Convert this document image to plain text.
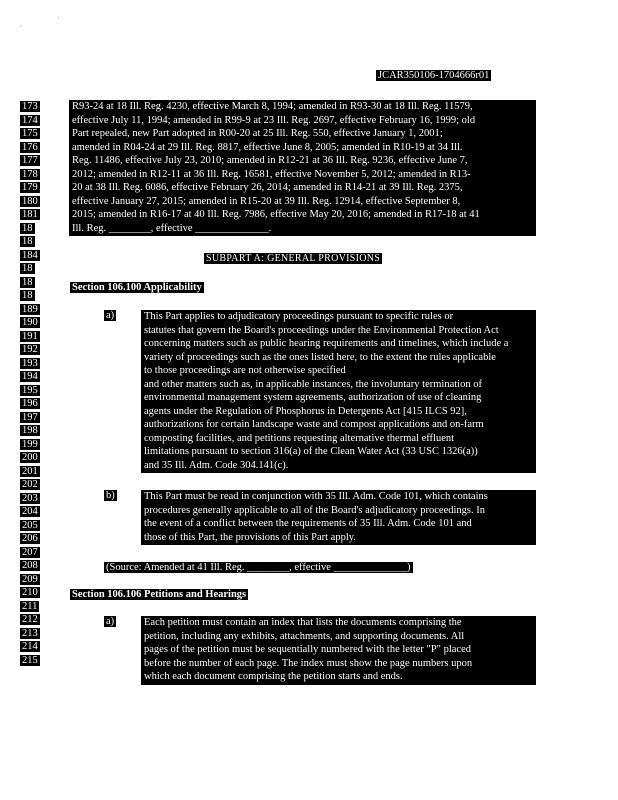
,	'
JCAR350106-1704666r01
173
174
175
176
177
178
179
180
181
18
18
184
18
18
18
189
190
191
192
193
194
195
196
197
198
199
200
201
202
203
204
205
206
207
208
209
210
211
212
213
214
215
R93-24 at 18 Ill. Reg. 4230, effective March 8, 1994; amended in R93-30 at 18 Ill. Reg. 11579,
effective July 11, 1994; amended in R99-9 at 23 Ill. Reg. 2697, effective February 16, 1999; old
Part repealed, new Part adopted in R00-20 at 25 Ill. Reg. 550, effective January 1, 2001;
amended in R04-24 at 29 Ill. Reg. 8817, effective June 8, 2005; amended in R10-19 at 34 Ill.
Reg. 11486, effective July 23, 2010; amended in R12-21 at 36 Ill. Reg. 9236, effective June 7,
2012; amended in R12-11 at 36 Ill. Reg. 16581, effective November 5, 2012; amended in R13-
20 at 38 Ill. Reg. 6086, effective February 26, 2014; amended in R14-21 at 39 Ill. Reg. 2375,
effective January 27, 2015; amended in R15-20 at 39 Ill. Reg. 12914, effective September 8,
2015; amended in R16-17 at 40 Ill. Reg. 7986, effective May 20, 2016; amended in R17-18 at 41
Ill. Reg. ________, effective ______________.
SUBPART A: GENERAL PROVISIONS
Section 106.100 Applicability
a)	This Part applies to adjudicatory proceedings pursuant to specific rules or
statutes that govern the Board's proceedings under the Environmental Protection Act
concerning matters such as public hearing requirements and timelines, which include a
variety of proceedings such as the ones listed here, to the extent the rules applicable
to those proceedings are not otherwise specified
and other matters such as, in applicable instances, the involuntary termination of
environmental management system agreements, authorization of use of cleaning
agents under the Regulation of Phosphorus in Detergents Act [415 ILCS 92],
authorizations for certain landscape waste and compost applications and on-farm
composting facilities, and petitions requesting alternative thermal effluent
limitations pursuant to section 316(a) of the Clean Water Act (33 USC 1326(a))
and 35 Ill. Adm. Code 304.141(c).
b)	This Part must be read in conjunction with 35 Ill. Adm. Code 101, which contains
procedures generally applicable to all of the Board's adjudicatory proceedings. In
the event of a conflict between the requirements of 35 Ill. Adm. Code 101 and
those of this Part, the provisions of this Part apply.
(Source: Amended at 41 Ill. Reg. ________, effective ______________)
Section 106.106 Petitions and Hearings
a)	Each petition must contain an index that lists the documents comprising the
petition, including any exhibits, attachments, and supporting documents. All
pages of the petition must be sequentially numbered with the letter "P" placed
before the number of each page. The index must show the page numbers upon
which each document comprising the petition starts and ends.
